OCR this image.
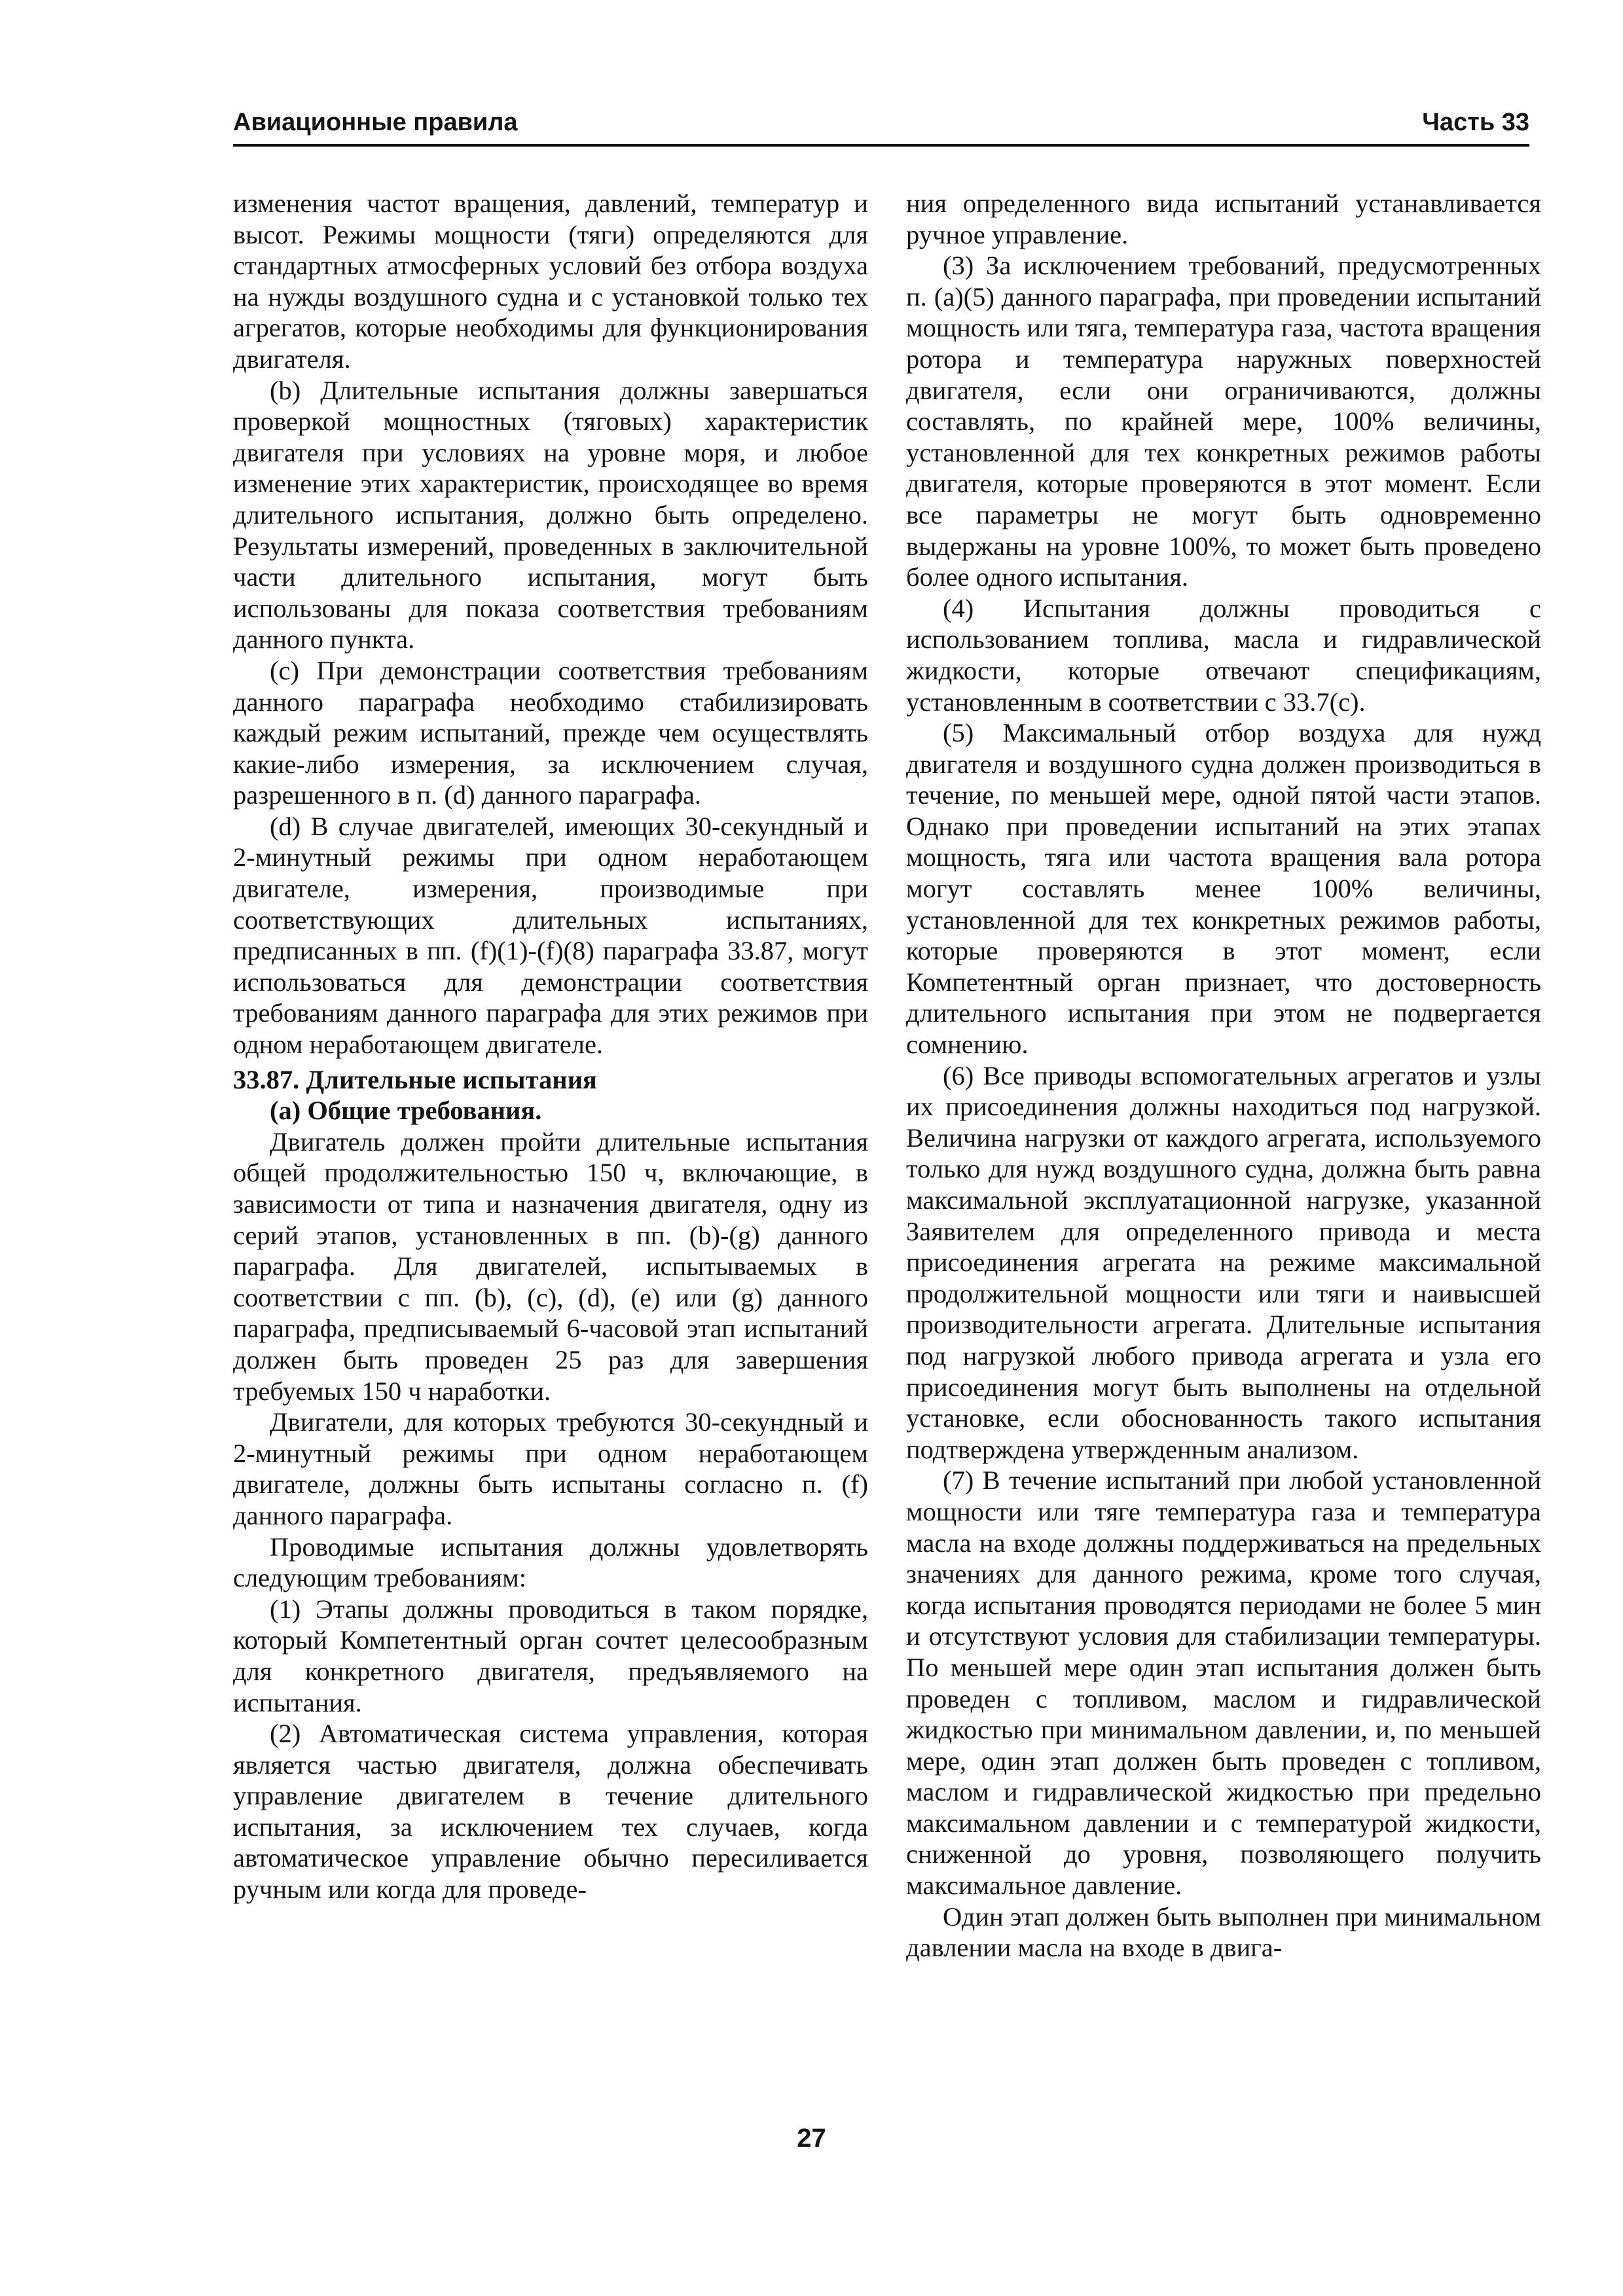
Авиационные правила	Часть 33

изменения частот вращения, давлений, температур и высот. Режимы мощности (тяги) определяются для стандартных атмосферных условий без отбора воздуха на нужды воздушного судна и с установкой только тех агрегатов, которые необходимы для функционирования двигателя.

(b) Длительные испытания должны завершаться проверкой мощностных (тяговых) характеристик двигателя при условиях на уровне моря, и любое изменение этих характеристик, происходящее во время длительного испытания, должно быть определено. Результаты измерений, проведенных в заключительной части длительного испытания, могут быть использованы для показа соответствия требованиям данного пункта.

(c) При демонстрации соответствия требованиям данного параграфа необходимо стабилизировать каждый режим испытаний, прежде чем осуществлять какие-либо измерения, за исключением случая, разрешенного в п. (d) данного параграфа.

(d) В случае двигателей, имеющих 30-секундный и 2-минутный режимы при одном неработающем двигателе, измерения, производимые при соответствующих длительных испытаниях, предписанных в пп. (f)(1)-(f)(8) параграфа 33.87, могут использоваться для демонстрации соответствия требованиям данного параграфа для этих режимов при одном неработающем двигателе.

33.87. Длительные испытания

(a) Общие требования.

Двигатель должен пройти длительные испытания общей продолжительностью 150 ч, включающие, в зависимости от типа и назначения двигателя, одну из серий этапов, установленных в пп. (b)-(g) данного параграфа. Для двигателей, испытываемых в соответствии с пп. (b), (c), (d), (e) или (g) данного параграфа, предписываемый 6-часовой этап испытаний должен быть проведен 25 раз для завершения требуемых 150 ч наработки.

Двигатели, для которых требуются 30-секундный и 2-минутный режимы при одном неработающем двигателе, должны быть испытаны согласно п. (f) данного параграфа.

Проводимые испытания должны удовлетворять следующим требованиям:

(1) Этапы должны проводиться в таком порядке, который Компетентный орган сочтет целесообразным для конкретного двигателя, предъявляемого на испытания.

(2) Автоматическая система управления, которая является частью двигателя, должна обеспечивать управление двигателем в течение длительного испытания, за исключением тех случаев, когда автоматическое управление обычно пересиливается ручным или когда для проведе-

ния определенного вида испытаний устанавливается ручное управление.

(3) За исключением требований, предусмотренных п. (a)(5) данного параграфа, при проведении испытаний мощность или тяга, температура газа, частота вращения ротора и температура наружных поверхностей двигателя, если они ограничиваются, должны составлять, по крайней мере, 100% величины, установленной для тех конкретных режимов работы двигателя, которые проверяются в этот момент. Если все параметры не могут быть одновременно выдержаны на уровне 100%, то может быть проведено более одного испытания.

(4) Испытания должны проводиться с использованием топлива, масла и гидравлической жидкости, которые отвечают спецификациям, установленным в соответствии с 33.7(c).

(5) Максимальный отбор воздуха для нужд двигателя и воздушного судна должен производиться в течение, по меньшей мере, одной пятой части этапов. Однако при проведении испытаний на этих этапах мощность, тяга или частота вращения вала ротора могут составлять менее 100% величины, установленной для тех конкретных режимов работы, которые проверяются в этот момент, если Компетентный орган признает, что достоверность длительного испытания при этом не подвергается сомнению.

(6) Все приводы вспомогательных агрегатов и узлы их присоединения должны находиться под нагрузкой. Величина нагрузки от каждого агрегата, используемого только для нужд воздушного судна, должна быть равна максимальной эксплуатационной нагрузке, указанной Заявителем для определенного привода и места присоединения агрегата на режиме максимальной продолжительной мощности или тяги и наивысшей производительности агрегата. Длительные испытания под нагрузкой любого привода агрегата и узла его присоединения могут быть выполнены на отдельной установке, если обоснованность такого испытания подтверждена утвержденным анализом.

(7) В течение испытаний при любой установленной мощности или тяге температура газа и температура масла на входе должны поддерживаться на предельных значениях для данного режима, кроме того случая, когда испытания проводятся периодами не более 5 мин и отсутствуют условия для стабилизации температуры. По меньшей мере один этап испытания должен быть проведен с топливом, маслом и гидравлической жидкостью при минимальном давлении, и, по меньшей мере, один этап должен быть проведен с топливом, маслом и гидравлической жидкостью при предельно максимальном давлении и с температурой жидкости, сниженной до уровня, позволяющего получить максимальное давление.

Один этап должен быть выполнен при минимальном давлении масла на входе в двига-

27
